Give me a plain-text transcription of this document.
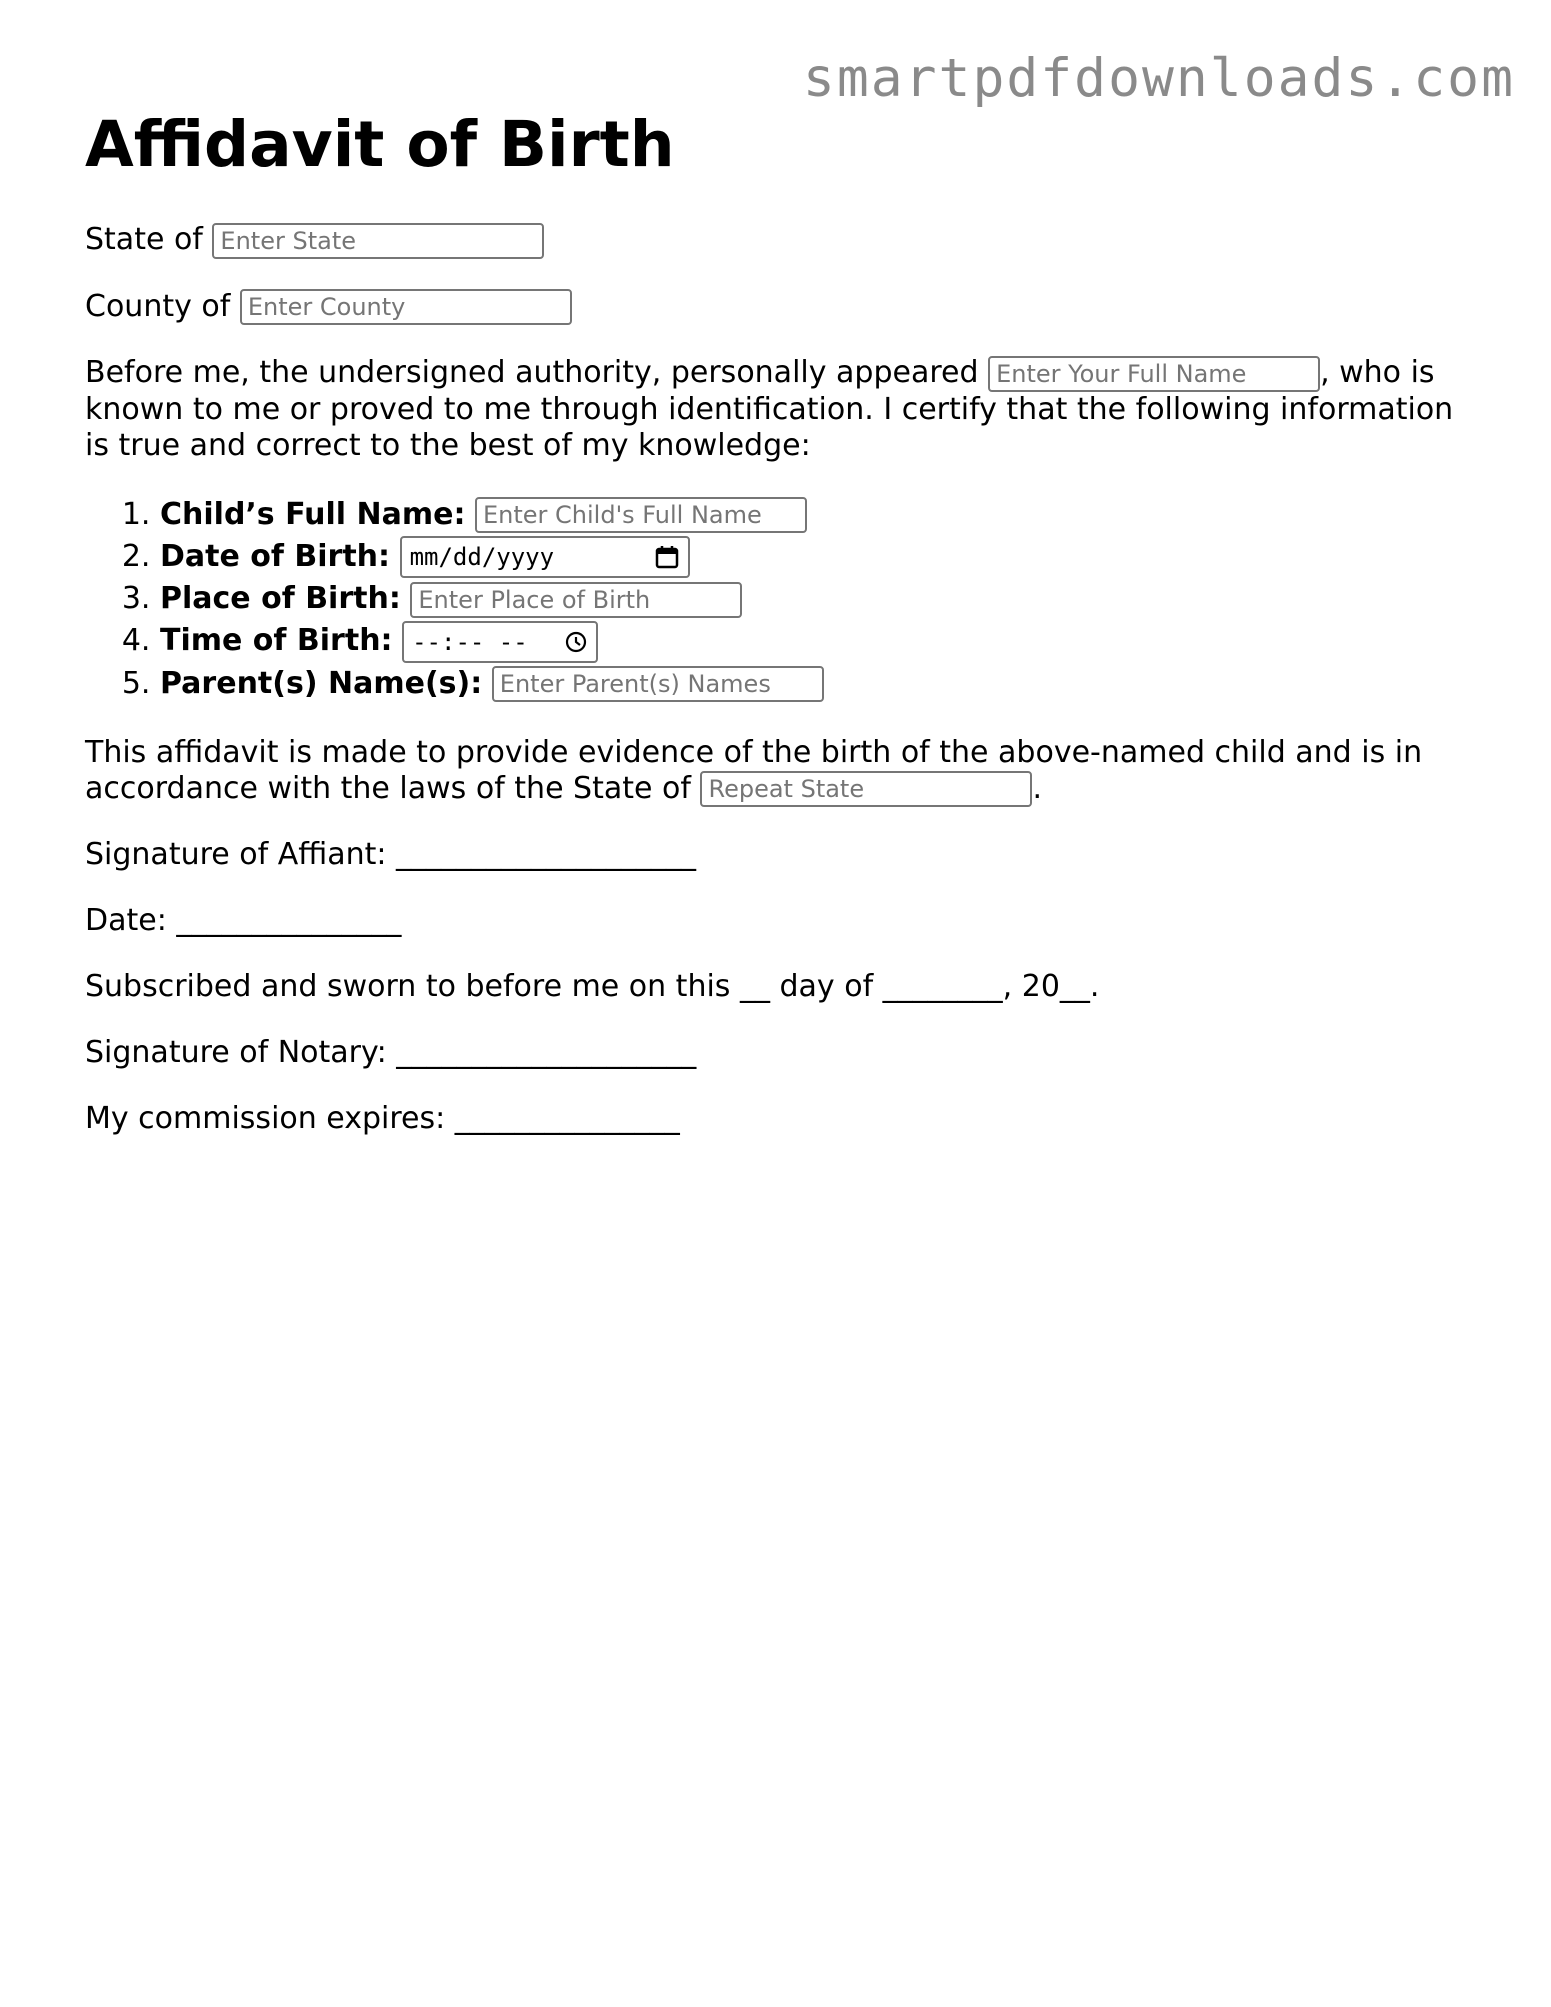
smartpdfdownloads.com
Affidavit of Birth

State of Enter State

County of Enter County

Before me, the undersigned authority, personally appeared Enter Your Full Name	, who is known to me or proved to me through identification. I certify that the following information is true and correct to the best of my knowledge:

1. Child’s Full Name: Enter Child's Full Name
2. Date of Birth: mm/dd/yyyy
3. Place of Birth: Enter Place of Birth
4. Time of Birth: --:-- --
5. Parent(s) Name(s): Enter Parent(s) Names

This affidavit is made to provide evidence of the birth of the above-named child and is in accordance with the laws of the State of Repeat State	.

Signature of Affiant: ____________________

Date: _______________

Subscribed and sworn to before me on this __ day of ________, 20__.

Signature of Notary: ____________________

My commission expires: _______________
